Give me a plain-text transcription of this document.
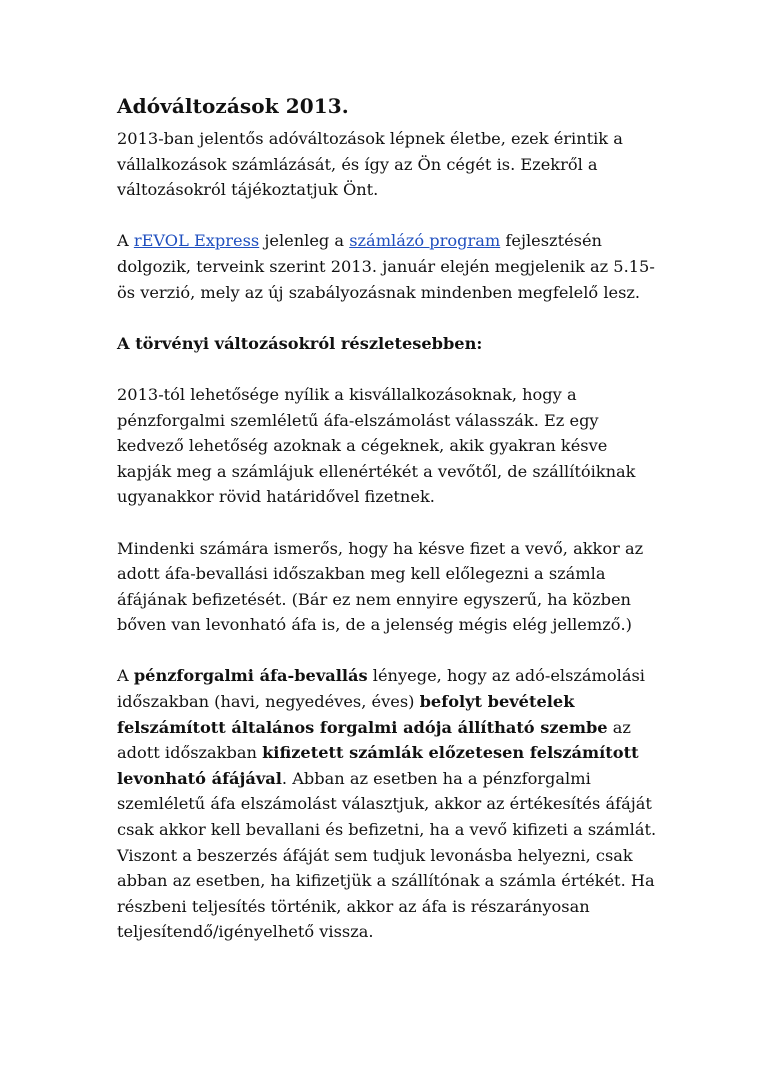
Adóváltozások 2013.
2013-ban jelentős adóváltozások lépnek életbe, ezek érintik a vállalkozások számlázását, és így az Ön cégét is. Ezekről a változásokról tájékoztatjuk Önt.
A rEVOL Express jelenleg a számlázó program fejlesztésén dolgozik, terveink szerint 2013. január elején megjelenik az 5.15-ös verzió, mely az új szabályozásnak mindenben megfelelő lesz.
A törvényi változásokról részletesebben:
2013-tól lehetősége nyílik a kisvállalkozásoknak, hogy a pénzforgalmi szemléletű áfa-elszámolást válasszák. Ez egy kedvező lehetőség azoknak a cégeknek, akik gyakran késve kapják meg a számlájuk ellenértékét a vevőtől, de szállítóiknak ugyanakkor rövid határidővel fizetnek.
Mindenki számára ismerős, hogy ha késve fizet a vevő, akkor az adott áfa-bevallási időszakban meg kell előlegezni a számla áfájának befizetését. (Bár ez nem ennyire egyszerű, ha közben bőven van levonható áfa is, de a jelenség mégis elég jellemző.)
A pénzforgalmi áfa-bevallás lényege, hogy az adó-elszámolási időszakban (havi, negyedéves, éves) befolyt bevételek felszámított általános forgalmi adója állítható szembe az adott időszakban kifizetett számlák előzetesen felszámított levonható áfájával. Abban az esetben ha a pénzforgalmi szemléletű áfa elszámolást választjuk, akkor az értékesítés áfáját csak akkor kell bevallani és befizetni, ha a vevő kifizeti a számlát. Viszont a beszerzés áfáját sem tudjuk levonásba helyezni, csak abban az esetben, ha kifizetjük a szállítónak a számla értékét. Ha részbeni teljesítés történik, akkor az áfa is részarányosan teljesítendő/igényelhető vissza.
